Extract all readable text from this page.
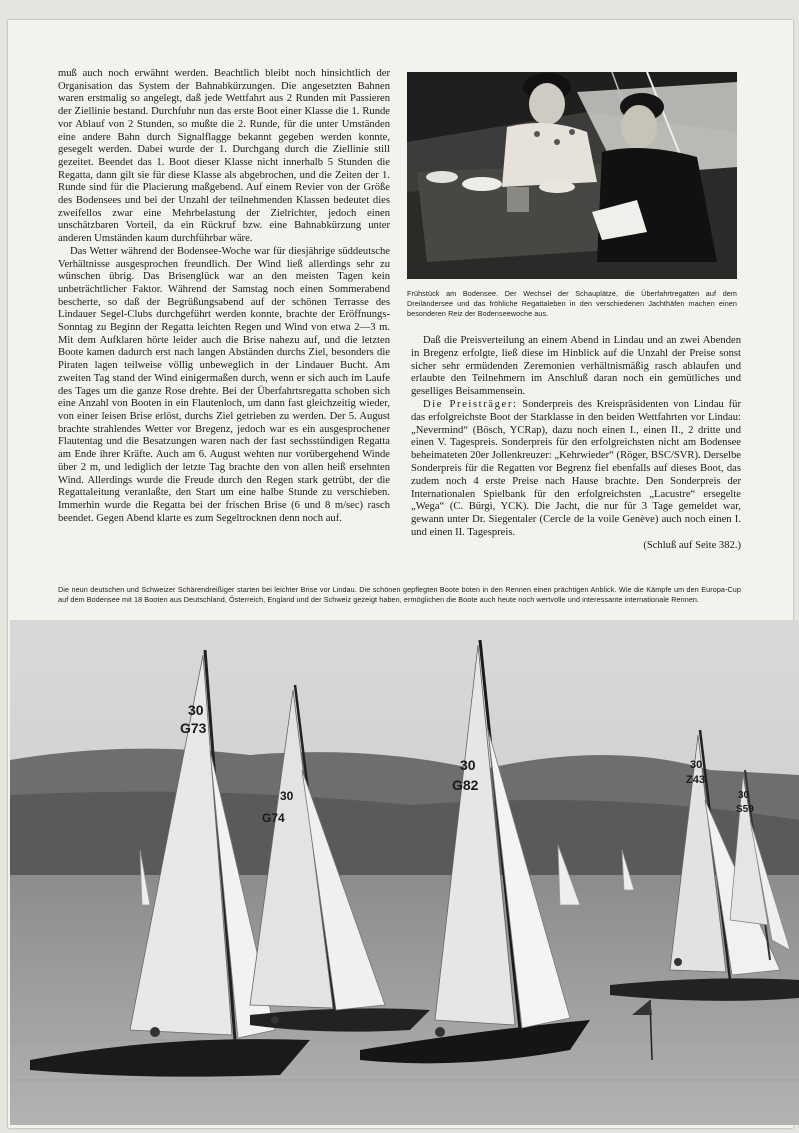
muß auch noch erwähnt werden. Beachtlich bleibt noch hinsichtlich der Organisation das System der Bahnabkürzungen. Die angesetzten Bahnen waren erstmalig so angelegt, daß jede Wettfahrt aus 2 Runden mit Passieren der Ziellinie bestand. Durchfuhr nun das erste Boot einer Klasse die 1. Runde vor Ablauf von 2 Stunden, so mußte die 2. Runde, für die unter Umständen eine andere Bahn durch Signalflagge bekannt gegeben werden konnte, gesegelt werden. Dabei wurde der 1. Durchgang durch die Ziellinie still gezeitet. Beendet das 1. Boot dieser Klasse nicht innerhalb 5 Stunden die Regatta, dann gilt sie für diese Klasse als abgebrochen, und die Zeiten der 1. Runde sind für die Placierung maßgebend. Auf einem Revier von der Größe des Bodensees und bei der Unzahl der teilnehmenden Klassen bedeutet dies zweifellos zwar eine Mehrbelastung der Zielrichter, jedoch einen unschätzbaren Vorteil, da ein Rückruf bzw. eine Bahnabkürzung unter anderen Umständen kaum durchführbar wäre.

Das Wetter während der Bodensee-Woche war für diesjährige süddeutsche Verhältnisse ausgesprochen freundlich. Der Wind ließ allerdings sehr zu wünschen übrig. Das Brisenglück war an den meisten Tagen kein unbeträchtlicher Faktor. Während der Samstag noch einen Sommerabend bescherte, so daß der Begrüßungsabend auf der schönen Terrasse des Lindauer Segel-Clubs durchgeführt werden konnte, brachte der Eröffnungs-Sonntag zu Beginn der Regatta leichten Regen und Wind von etwa 2—3 m. Mit dem Aufklaren hörte leider auch die Brise nahezu auf, und die letzten Boote kamen dadurch erst nach langen Abständen durchs Ziel, besonders die Piraten lagen teilweise völlig unbeweglich in der Lindauer Bucht. Am zweiten Tag stand der Wind einigermaßen durch, wenn er sich auch im Laufe des Tages um die ganze Rose drehte. Bei der Überfahrtsregatta schoben sich eine Anzahl von Booten in ein Flautenloch, um dann fast gleichzeitig wieder, von einer leisen Brise erlöst, durchs Ziel getrieben zu werden. Der 5. August brachte strahlendes Wetter vor Bregenz, jedoch war es ein ausgesprochener Flautentag und die Besatzungen waren nach der fast sechsstündigen Regatta am Ende ihrer Kräfte. Auch am 6. August wehten nur vorübergehend Winde über 2 m, und lediglich der letzte Tag brachte den von allen heiß ersehnten Wind. Allerdings wurde die Freude durch den Regen stark getrübt, der die Regattaleitung veranlaßte, den Start um eine halbe Stunde zu verschieben. Immerhin wurde die Regatta bei der frischen Brise (6 und 8 m/sec) rasch beendet. Gegen Abend klarte es zum Segeltrocknen denn noch auf.

Frühstück am Bodensee. Der Wechsel der Schauplätze, die Überfahrtregatten auf dem Dreiländersee und das fröhliche Regattaleben in den verschiedenen Jachthäfen machen einen besonderen Reiz der Bodenseewoche aus.

Daß die Preisverteilung an einem Abend in Lindau und an zwei Abenden in Bregenz erfolgte, ließ diese im Hinblick auf die Unzahl der Preise sonst sicher sehr ermüdenden Zeremonien verhältnismäßig rasch ablaufen und erlaubte den Teilnehmern im Anschluß daran noch ein gemütliches und geselliges Beisammensein.

Die Preisträger: Sonderpreis des Kreispräsidenten von Lindau für das erfolgreichste Boot der Starklasse in den beiden Wettfahrten vor Lindau: „Nevermind“ (Bösch, YCRap), dazu noch einen I., einen II., 2 dritte und einen V. Tagespreis. Sonderpreis für den erfolgreichsten nicht am Bodensee beheimateten 20er Jollenkreuzer: „Kehrwieder“ (Röger, BSC/SVR). Derselbe Sonderpreis für die Regatten vor Begrenz fiel ebenfalls auf dieses Boot, das zudem noch 4 erste Preise nach Hause brachte. Den Sonderpreis der Internationalen Spielbank für den erfolgreichsten „Lacustre“ ersegelte „Wega“ (C. Bürgi, YCK). Die Jacht, die nur für 3 Tage gemeldet war, gewann unter Dr. Siegentaler (Cercle de la voile Genève) auch noch einen I. und einen II. Tagespreis.

(Schluß auf Seite 382.)

Die neun deutschen und Schweizer Schärendreißiger starten bei leichter Brise vor Lindau. Die schönen gepflegten Boote boten in den Rennen einen prächtigen Anblick. Wie die Kämpfe um den Europa-Cup auf dem Bodensee mit 18 Booten aus Deutschland, Österreich, England und der Schweiz gezeigt haben, ermöglichen die Boote auch heute noch wertvolle und interessante internationale Rennen.
30
G73
30
G74
30
G82
30
Z43
30
S59
